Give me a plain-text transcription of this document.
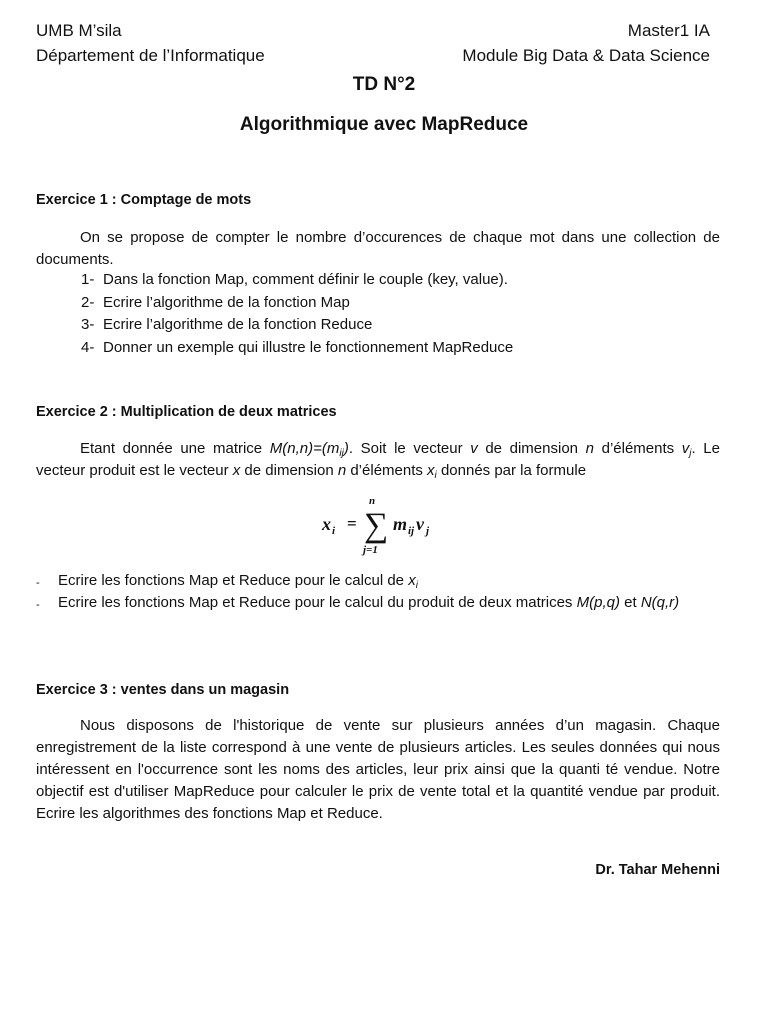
UMB M’sila
Département de l’Informatique
Master1 IA
Module Big Data & Data Science
TD N°2
Algorithmique avec MapReduce
Exercice 1 : Comptage de mots

On se propose de compter le nombre d’occurences de chaque mot dans une collection de documents.

1- Dans la fonction Map, comment définir le couple (key, value).
2- Ecrire l’algorithme de la fonction Map
3- Ecrire l’algorithme de la fonction Reduce
4- Donner un exemple qui illustre le fonctionnement MapReduce
Exercice 2 : Multiplication de deux matrices

Etant donnée une matrice $M(n,n)=(m_{ij})$. Soit le vecteur v de dimension n d’éléments $v_j$. Le vecteur produit est le vecteur x de dimension n d’éléments $x_i$ donnés par la formule

x i = ∑
n
j=1
m ij v j
- Ecrire les fonctions Map et Reduce pour le calcul de $x_i$
- Ecrire les fonctions Map et Reduce pour le calcul du produit de deux matrices M(p,q) et N(q,r)
Exercice 3 : ventes dans un magasin

Nous disposons de l'historique de vente sur plusieurs années d’un magasin. Chaque enregistrement de la liste correspond à une vente de plusieurs articles. Les seules données qui nous intéressent en l'occurrence sont les noms des articles, leur prix ainsi que la quanti té vendue. Notre objectif est d'utiliser MapReduce pour calculer le prix de vente total et la quantité vendue par produit. Ecrire les algorithmes des fonctions Map et Reduce.

Dr. Tahar Mehenni
